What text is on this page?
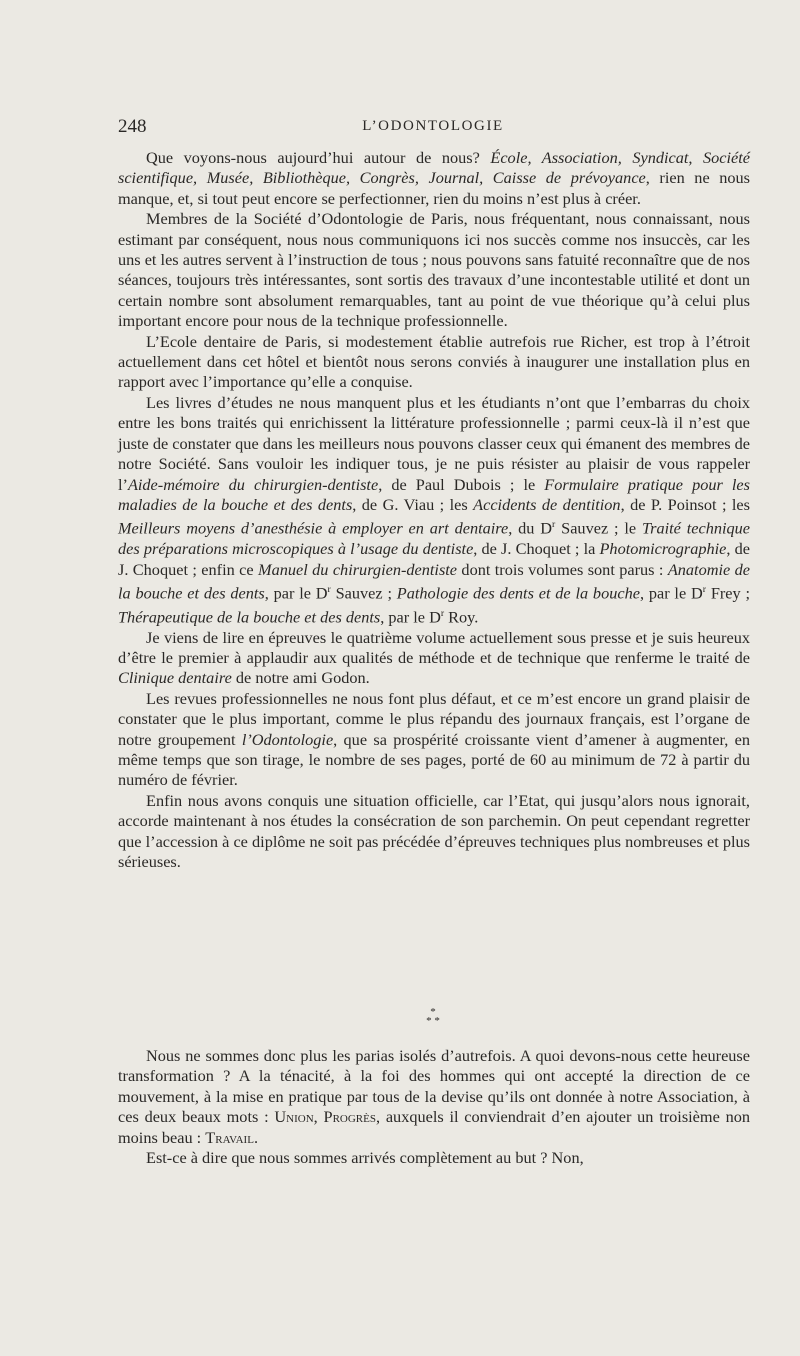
248	L’ODONTOLOGIE

Que voyons-nous aujourd’hui autour de nous? École, Association, Syndicat, Société scientifique, Musée, Bibliothèque, Congrès, Journal, Caisse de prévoyance, rien ne nous manque, et, si tout peut encore se perfectionner, rien du moins n’est plus à créer.

Membres de la Société d’Odontologie de Paris, nous fréquentant, nous connaissant, nous estimant par conséquent, nous nous communiquons ici nos succès comme nos insuccès, car les uns et les autres servent à l’instruction de tous ; nous pouvons sans fatuité reconnaître que de nos séances, toujours très intéressantes, sont sortis des travaux d’une incontestable utilité et dont un certain nombre sont absolument remarquables, tant au point de vue théorique qu’à celui plus important encore pour nous de la technique professionnelle.

L’Ecole dentaire de Paris, si modestement établie autrefois rue Richer, est trop à l’étroit actuellement dans cet hôtel et bientôt nous serons conviés à inaugurer une installation plus en rapport avec l’importance qu’elle a conquise.

Les livres d’études ne nous manquent plus et les étudiants n’ont que l’embarras du choix entre les bons traités qui enrichissent la littérature professionnelle ; parmi ceux-là il n’est que juste de constater que dans les meilleurs nous pouvons classer ceux qui émanent des membres de notre Société. Sans vouloir les indiquer tous, je ne puis résister au plaisir de vous rappeler l’Aide-mémoire du chirurgien-dentiste, de Paul Dubois ; le Formulaire pratique pour les maladies de la bouche et des dents, de G. Viau ; les Accidents de dentition, de P. Poinsot ; les Meilleurs moyens d’anesthésie à employer en art dentaire, du $D^r$ Sauvez ; le Traité technique des préparations microscopiques à l’usage du dentiste, de J. Choquet ; la Photomicrographie, de J. Choquet ; enfin ce Manuel du chirurgien-dentiste dont trois volumes sont parus : Anatomie de la bouche et des dents, par le $D^r$ Sauvez ; Pathologie des dents et de la bouche, par le $D^r$ Frey ; Thérapeutique de la bouche et des dents, par le $D^r$ Roy.

Je viens de lire en épreuves le quatrième volume actuellement sous presse et je suis heureux d’être le premier à applaudir aux qualités de méthode et de technique que renferme le traité de Clinique dentaire de notre ami Godon.

Les revues professionnelles ne nous font plus défaut, et ce m’est encore un grand plaisir de constater que le plus important, comme le plus répandu des journaux français, est l’organe de notre groupement l’Odontologie, que sa prospérité croissante vient d’amener à augmenter, en même temps que son tirage, le nombre de ses pages, porté de 60 au minimum de 72 à partir du numéro de février.

Enfin nous avons conquis une situation officielle, car l’Etat, qui jusqu’alors nous ignorait, accorde maintenant à nos études la consécration de son parchemin. On peut cependant regretter que l’accession à ce diplôme ne soit pas précédée d’épreuves techniques plus nombreuses et plus sérieuses.

*
* *

Nous ne sommes donc plus les parias isolés d’autrefois. A quoi devons-nous cette heureuse transformation ? A la ténacité, à la foi des hommes qui ont accepté la direction de ce mouvement, à la mise en pratique par tous de la devise qu’ils ont donnée à notre Association, à ces deux beaux mots : Union, Progrès, auxquels il conviendrait d’en ajouter un troisième non moins beau : Travail.

Est-ce à dire que nous sommes arrivés complètement au but ? Non,
